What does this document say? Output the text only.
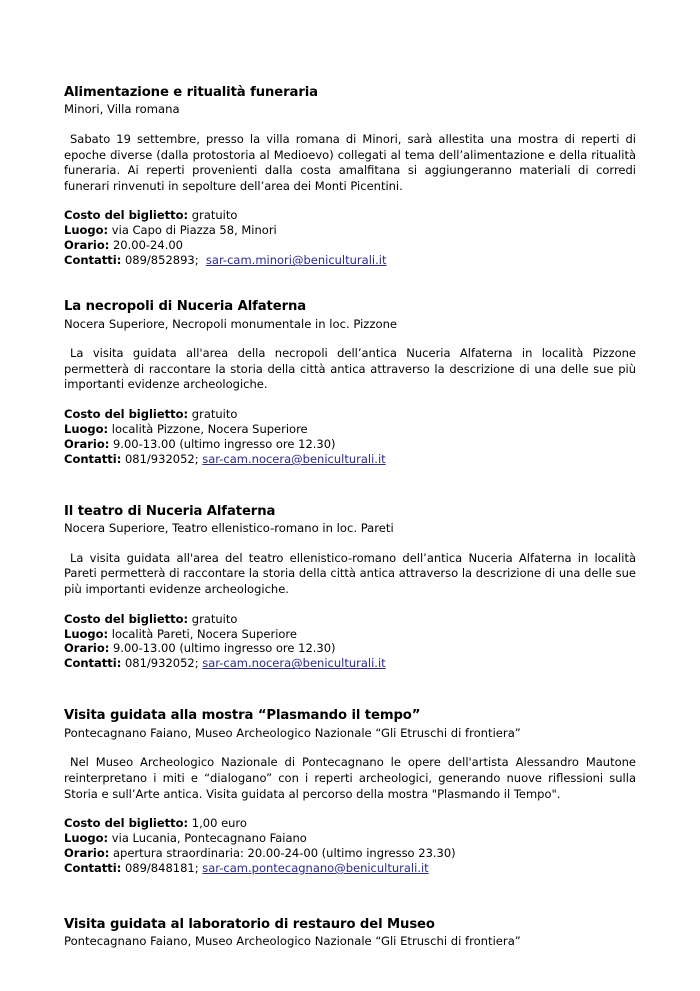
Alimentazione e ritualità funeraria
Minori, Villa romana

Sabato 19 settembre, presso la villa romana di Minori, sarà allestita una mostra di reperti di epoche diverse (dalla protostoria al Medioevo) collegati al tema dell’alimentazione e della ritualità funeraria. Ai reperti provenienti dalla costa amalfitana si aggiungeranno materiali di corredi funerari rinvenuti in sepolture dell’area dei Monti Picentini.

Costo del biglietto: gratuito
Luogo: via Capo di Piazza 58, Minori
Orario: 20.00-24.00
Contatti: 089/852893;  sar-cam.minori@beniculturali.it
La necropoli di Nuceria Alfaterna
Nocera Superiore, Necropoli monumentale in loc. Pizzone

La visita guidata all'area della necropoli dell’antica Nuceria Alfaterna in località Pizzone permetterà di raccontare la storia della città antica attraverso la descrizione di una delle sue più importanti evidenze archeologiche.

Costo del biglietto: gratuito
Luogo: località Pizzone, Nocera Superiore
Orario: 9.00-13.00 (ultimo ingresso ore 12.30)
Contatti: 081/932052; sar-cam.nocera@beniculturali.it
Il teatro di Nuceria Alfaterna
Nocera Superiore, Teatro ellenistico-romano in loc. Pareti

La visita guidata all'area del teatro ellenistico-romano dell’antica Nuceria Alfaterna in località Pareti permetterà di raccontare la storia della città antica attraverso la descrizione di una delle sue più importanti evidenze archeologiche.

Costo del biglietto: gratuito
Luogo: località Pareti, Nocera Superiore
Orario: 9.00-13.00 (ultimo ingresso ore 12.30)
Contatti: 081/932052; sar-cam.nocera@beniculturali.it
Visita guidata alla mostra “Plasmando il tempo”
Pontecagnano Faiano, Museo Archeologico Nazionale “Gli Etruschi di frontiera”

Nel Museo Archeologico Nazionale di Pontecagnano le opere dell'artista Alessandro Mautone reinterpretano i miti e “dialogano” con i reperti archeologici, generando nuove riflessioni sulla Storia e sull’Arte antica. Visita guidata al percorso della mostra "Plasmando il Tempo".

Costo del biglietto: 1,00 euro
Luogo: via Lucania, Pontecagnano Faiano
Orario: apertura straordinaria: 20.00-24-00 (ultimo ingresso 23.30)
Contatti: 089/848181; sar-cam.pontecagnano@beniculturali.it
Visita guidata al laboratorio di restauro del Museo
Pontecagnano Faiano, Museo Archeologico Nazionale “Gli Etruschi di frontiera”
